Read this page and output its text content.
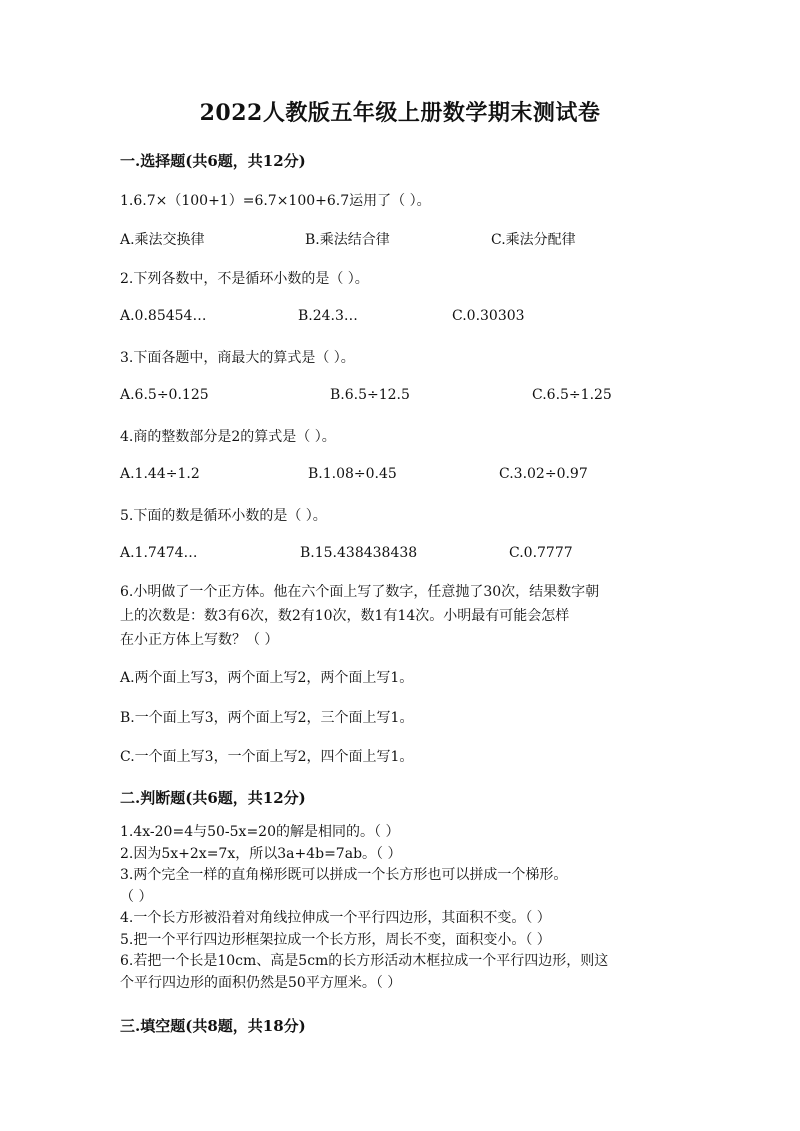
2022人教版五年级上册数学期末测试卷
一.选择题(共6题，共12分)
1.6.7×（100+1）=6.7×100+6.7运用了（ ）。
A.乘法交换律	B.乘法结合律	C.乘法分配律
2.下列各数中，不是循环小数的是（ ）。
A.0.85454…	B.24.3…	C.0.30303
3.下面各题中，商最大的算式是（ ）。
A.6.5÷0.125	B.6.5÷12.5	C.6.5÷1.25
4.商的整数部分是2的算式是（ ）。
A.1.44÷1.2	B.1.08÷0.45	C.3.02÷0.97
5.下面的数是循环小数的是（ ）。
A.1.7474…	B.15.438438438	C.0.7777
6.小明做了一个正方体。他在六个面上写了数字，任意抛了30次，结果数字朝
上的次数是：数3有6次，数2有10次，数1有14次。小明最有可能会怎样
在小正方体上写数？（ ）
A.两个面上写3，两个面上写2，两个面上写1。
B.一个面上写3，两个面上写2，三个面上写1。
C.一个面上写3，一个面上写2，四个面上写1。
二.判断题(共6题，共12分)
1.4x-20=4与50-5x=20的解是相同的。（ ）
2.因为5x+2x=7x，所以3a+4b=7ab。（ ）
3.两个完全一样的直角梯形既可以拼成一个长方形也可以拼成一个梯形。
（ ）
4.一个长方形被沿着对角线拉伸成一个平行四边形，其面积不变。（ ）
5.把一个平行四边形框架拉成一个长方形，周长不变，面积变小。（ ）
6.若把一个长是10cm、高是5cm的长方形活动木框拉成一个平行四边形，则这
个平行四边形的面积仍然是50平方厘米。（ ）
三.填空题(共8题，共18分)
